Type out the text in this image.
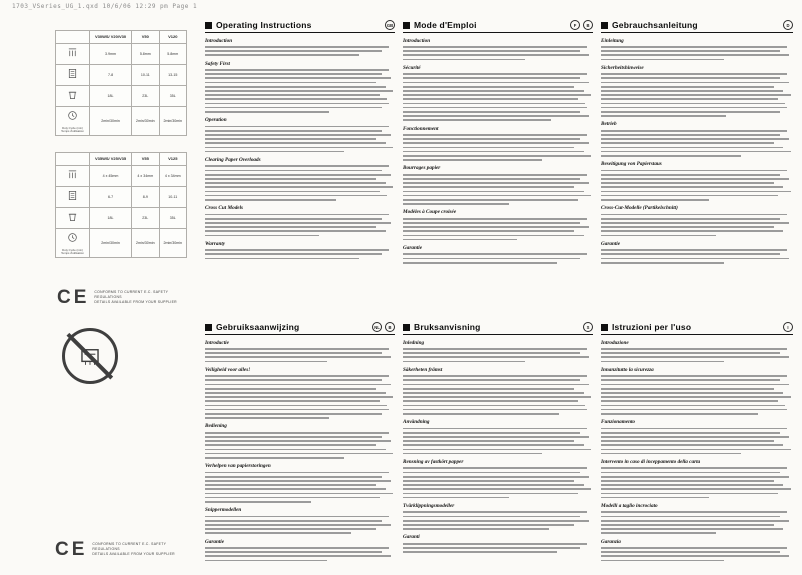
1703_VSeries_UG_1.qxd 10/6/06 12:29 pm Page 1
	V30WS/ V20/V30	V50	V120
	3.9mm	5.8mm	5.8mm
	7-8	10-11	13-15
	18L	23L	35L

Duty Cycle (min) Temps d'utilisation	2min/30min	2min/30min	2min/30min
	V35WS/ V25/V35	V55	V125
	4 x 45mm	4 x 34mm	4 x 34mm
	6-7	8-9	10-11
	18L	23L	35L

Duty Cycle (min) Temps d'utilisation	2min/30min	2min/30min	2min/30min
CE CONFORMS TO CURRENT E.C. SAFETY REGULATIONS
DETAILS AVAILABLE FROM YOUR SUPPLIER
CE CONFORMS TO CURRENT E.C. SAFETY REGULATIONS
DETAILS AVAILABLE FROM YOUR SUPPLIER
Operating Instructions	GB
Introduction
Safety First
Operation
Clearing Paper Overloads
Cross Cut Models
Warranty
Mode d'Emploi	F	B
Introduction
Sécurité
Fonctionnement
Bourrages papier
Modèles à Coupe croisée
Garantie
Gebrauchsanleitung	D
Einleitung
Sicherheitshinweise
Betrieb
Beseitigung von Papierstaus
Cross-Cut-Modelle (Partikelschnitt)
Garantie
Gebruiksaanwijzing	NL	B
Introductie
Veiligheid voor alles!
Bediening
Verhelpen van papierstoringen
Snippermodellen
Garantie
Bruksanvisning	S
Inledning
Säkerheten främst
Användning
Rensning av fastkört papper
Tvärklippningsmodeller
Garanti
Istruzioni per l'uso	I
Introduzione
Innanzitutto la sicurezza
Funzionamento
Intervento in caso di inceppamento della carta
Modelli a taglio incrociato
Garanzia
